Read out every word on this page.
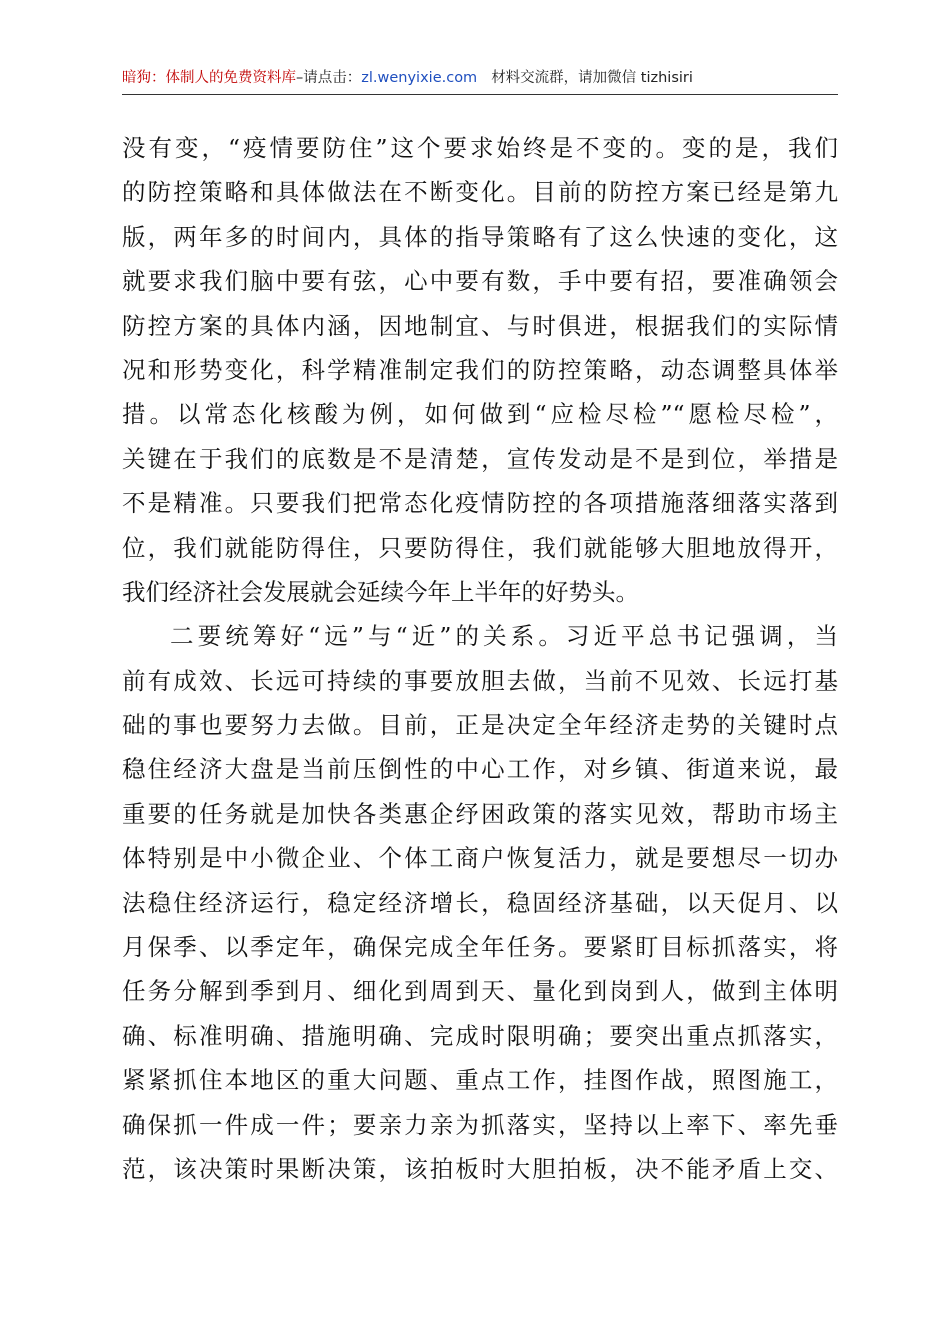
暗狗：体制人的免费资料库–请点击：zl.wenyixie.com 材料交流群，请加微信 tizhisiri
没有变，“疫情要防住”这个要求始终是不变的。变的是，我们
的防控策略和具体做法在不断变化。目前的防控方案已经是第九
版，两年多的时间内，具体的指导策略有了这么快速的变化，这
就要求我们脑中要有弦，心中要有数，手中要有招，要准确领会
防控方案的具体内涵，因地制宜、与时俱进，根据我们的实际情
况和形势变化，科学精准制定我们的防控策略，动态调整具体举
措。以常态化核酸为例，如何做到“应检尽检”“愿检尽检”，
关键在于我们的底数是不是清楚，宣传发动是不是到位，举措是
不是精准。只要我们把常态化疫情防控的各项措施落细落实落到
位，我们就能防得住，只要防得住，我们就能够大胆地放得开，
我们经济社会发展就会延续今年上半年的好势头。
二要统筹好“远”与“近”的关系。习近平总书记强调，当
前有成效、长远可持续的事要放胆去做，当前不见效、长远打基
础的事也要努力去做。目前，正是决定全年经济走势的关键时点
稳住经济大盘是当前压倒性的中心工作，对乡镇、街道来说，最
重要的任务就是加快各类惠企纾困政策的落实见效，帮助市场主
体特别是中小微企业、个体工商户恢复活力，就是要想尽一切办
法稳住经济运行，稳定经济增长，稳固经济基础，以天促月、以
月保季、以季定年，确保完成全年任务。要紧盯目标抓落实，将
任务分解到季到月、细化到周到天、量化到岗到人，做到主体明
确、标准明确、措施明确、完成时限明确；要突出重点抓落实，
紧紧抓住本地区的重大问题、重点工作，挂图作战，照图施工，
确保抓一件成一件；要亲力亲为抓落实，坚持以上率下、率先垂
范，该决策时果断决策，该拍板时大胆拍板，决不能矛盾上交、
